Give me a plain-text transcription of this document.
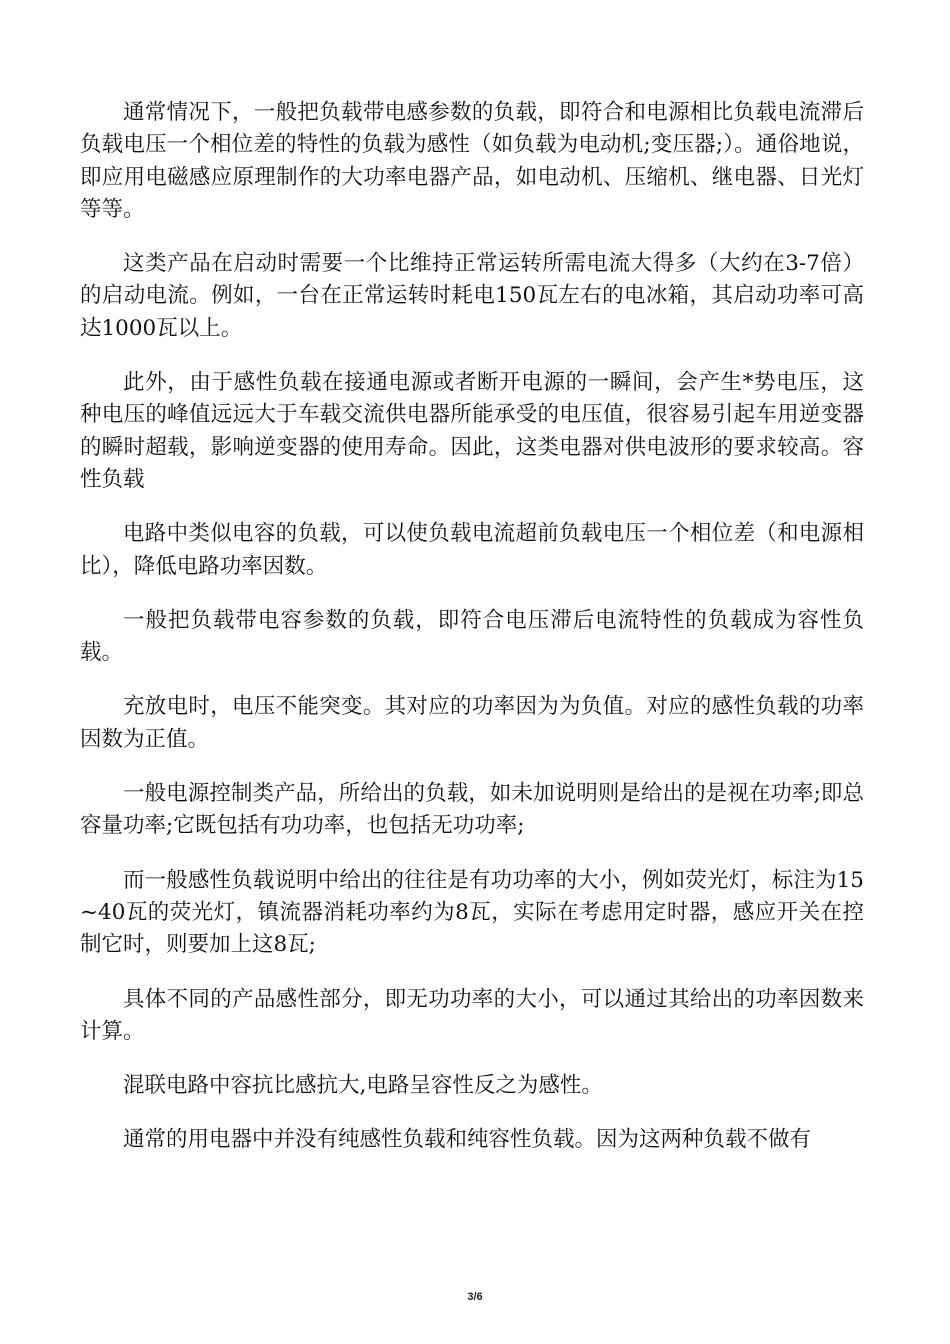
通常情况下，一般把负载带电感参数的负载，即符合和电源相比负载电流滞后负载电压一个相位差的特性的负载为感性（如负载为电动机;变压器;）。通俗地说，即应用电磁感应原理制作的大功率电器产品，如电动机、压缩机、继电器、日光灯等等。

这类产品在启动时需要一个比维持正常运转所需电流大得多（大约在3-7倍）的启动电流。例如，一台在正常运转时耗电150瓦左右的电冰箱，其启动功率可高达1000瓦以上。

此外，由于感性负载在接通电源或者断开电源的一瞬间，会产生*势电压，这种电压的峰值远远大于车载交流供电器所能承受的电压值，很容易引起车用逆变器的瞬时超载，影响逆变器的使用寿命。因此，这类电器对供电波形的要求较高。容性负载

电路中类似电容的负载，可以使负载电流超前负载电压一个相位差（和电源相比），降低电路功率因数。

一般把负载带电容参数的负载，即符合电压滞后电流特性的负载成为容性负载。

充放电时，电压不能突变。其对应的功率因为为负值。对应的感性负载的功率因数为正值。

一般电源控制类产品，所给出的负载，如未加说明则是给出的是视在功率;即总容量功率;它既包括有功功率，也包括无功功率;

而一般感性负载说明中给出的往往是有功功率的大小，例如荧光灯，标注为15~40瓦的荧光灯，镇流器消耗功率约为8瓦，实际在考虑用定时器，感应开关在控制它时，则要加上这8瓦;

具体不同的产品感性部分，即无功功率的大小，可以通过其给出的功率因数来计算。

混联电路中容抗比感抗大,电路呈容性反之为感性。

通常的用电器中并没有纯感性负载和纯容性负载。因为这两种负载不做有

3/6
